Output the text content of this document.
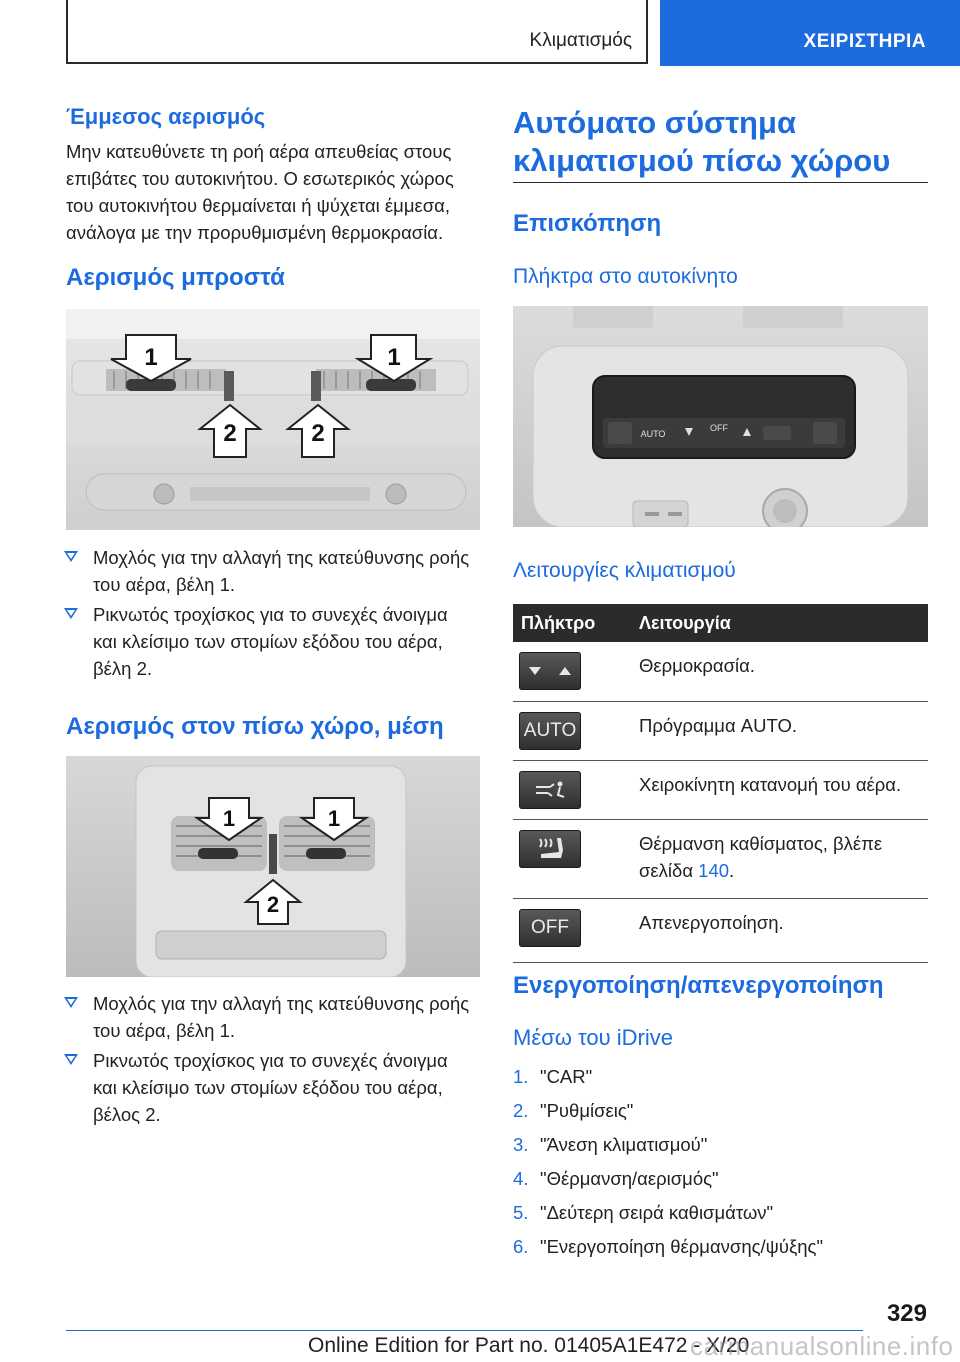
Κλιματισμός	ΧΕΙΡΙΣΤΗΡΙΑ
Έμμεσος αερισμός

Μην κατευθύνετε τη ροή αέρα απευθείας στους επιβάτες του αυτοκινήτου. Ο εσωτερικός χώρος του αυτοκινήτου θερμαίνεται ή ψύχεται έμμεσα, ανάλογα με την προρυθμισμένη θερμοκρασία.

Αερισμός μπροστά
1	1
2	2
Μοχλός για την αλλαγή της κατεύθυνσης ροής του αέρα, βέλη 1.
Ρικνωτός τροχίσκος για το συνεχές άνοιγμα και κλείσιμο των στομίων εξόδου του αέρα, βέλη 2.
Αερισμός στον πίσω χώρο, μέση
1	1
2
Μοχλός για την αλλαγή της κατεύθυνσης ροής του αέρα, βέλη 1.
Ρικνωτός τροχίσκος για το συνεχές άνοιγμα και κλείσιμο των στομίων εξόδου του αέρα, βέλος 2.
Αυτόματο σύστημα
κλιματισμού πίσω χώρου
Επισκόπηση
Πλήκτρα στο αυτοκίνητο
AUTO
OFF
Λειτουργίες κλιματισμού
Πλήκτρο	Λειτουργία

	Θερμοκρασία.

AUTO	Πρόγραμμα AUTO.

	Χειροκίνητη κατανομή του αέρα.

	Θέρμανση καθίσματος, βλέπε σελίδα 140.

OFF	Απενεργοποίηση.
Ενεργοποίηση/απενεργοποίηση
Μέσω του iDrive
1. "CAR"
2. "Ρυθμίσεις"
3. "Άνεση κλιματισμού"
4. "Θέρμανση/αερισμός"
5. "Δεύτερη σειρά καθισμάτων"
6. "Ενεργοποίηση θέρμανσης/ψύξης"
329
Online Edition for Part no. 01405A1E472 - X/20
carmanualsonline.info
